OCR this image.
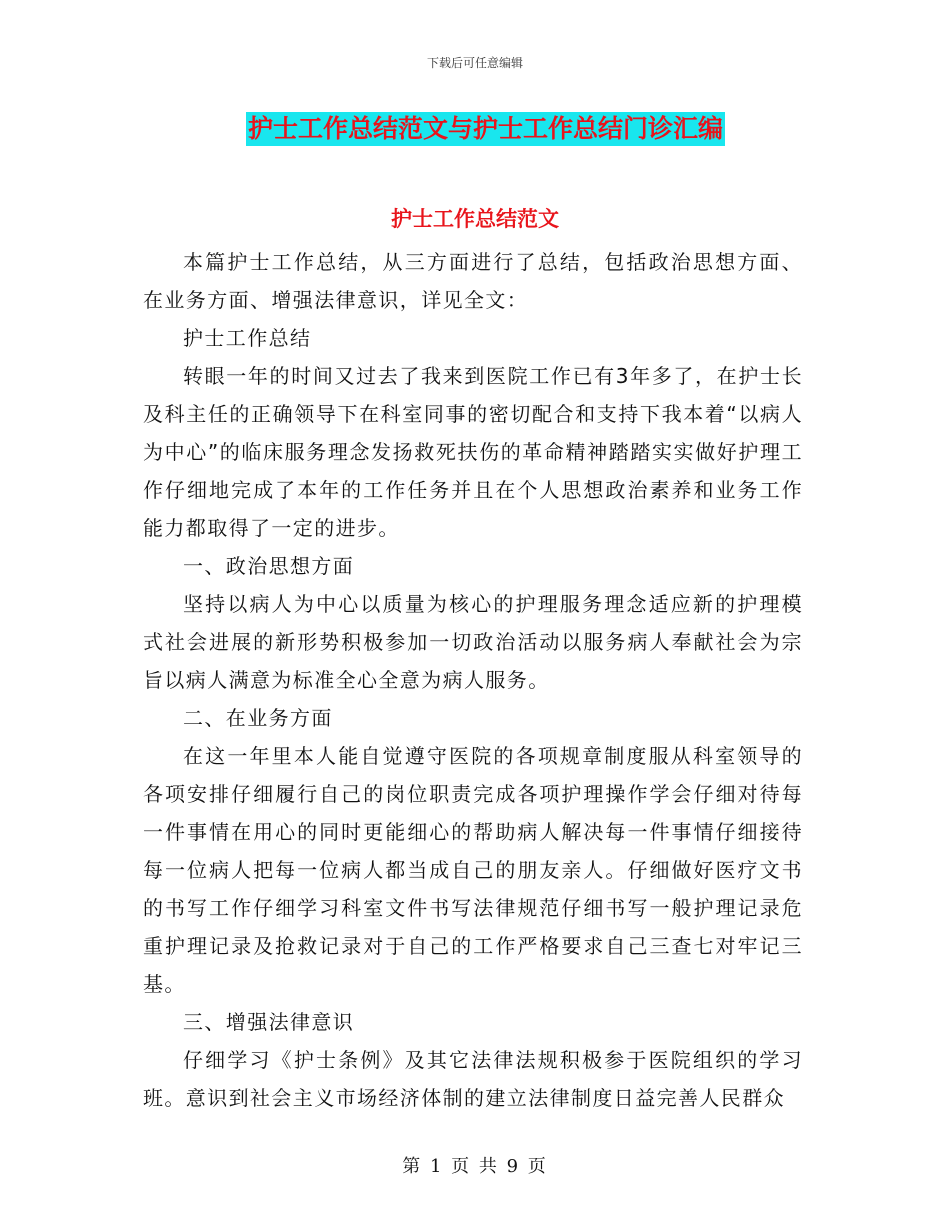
下载后可任意编辑
护士工作总结范文与护士工作总结门诊汇编
护士工作总结范文

本篇护士工作总结，从三方面进行了总结，包括政治思想方面、在业务方面、增强法律意识，详见全文：

护士工作总结

转眼一年的时间又过去了我来到医院工作已有3年多了，在护士长及科主任的正确领导下在科室同事的密切配合和支持下我本着“以病人为中心”的临床服务理念发扬救死扶伤的革命精神踏踏实实做好护理工作仔细地完成了本年的工作任务并且在个人思想政治素养和业务工作能力都取得了一定的进步。

一、政治思想方面

坚持以病人为中心以质量为核心的护理服务理念适应新的护理模式社会进展的新形势积极参加一切政治活动以服务病人奉献社会为宗旨以病人满意为标准全心全意为病人服务。

二、在业务方面

在这一年里本人能自觉遵守医院的各项规章制度服从科室领导的各项安排仔细履行自己的岗位职责完成各项护理操作学会仔细对待每一件事情在用心的同时更能细心的帮助病人解决每一件事情仔细接待每一位病人把每一位病人都当成自己的朋友亲人。仔细做好医疗文书的书写工作仔细学习科室文件书写法律规范仔细书写一般护理记录危重护理记录及抢救记录对于自己的工作严格要求自己三查七对牢记三基。

三、增强法律意识

仔细学习《护士条例》及其它法律法规积极参于医院组织的学习班。意识到社会主义市场经济体制的建立法律制度日益完善人民群众

第 1 页 共 9 页
